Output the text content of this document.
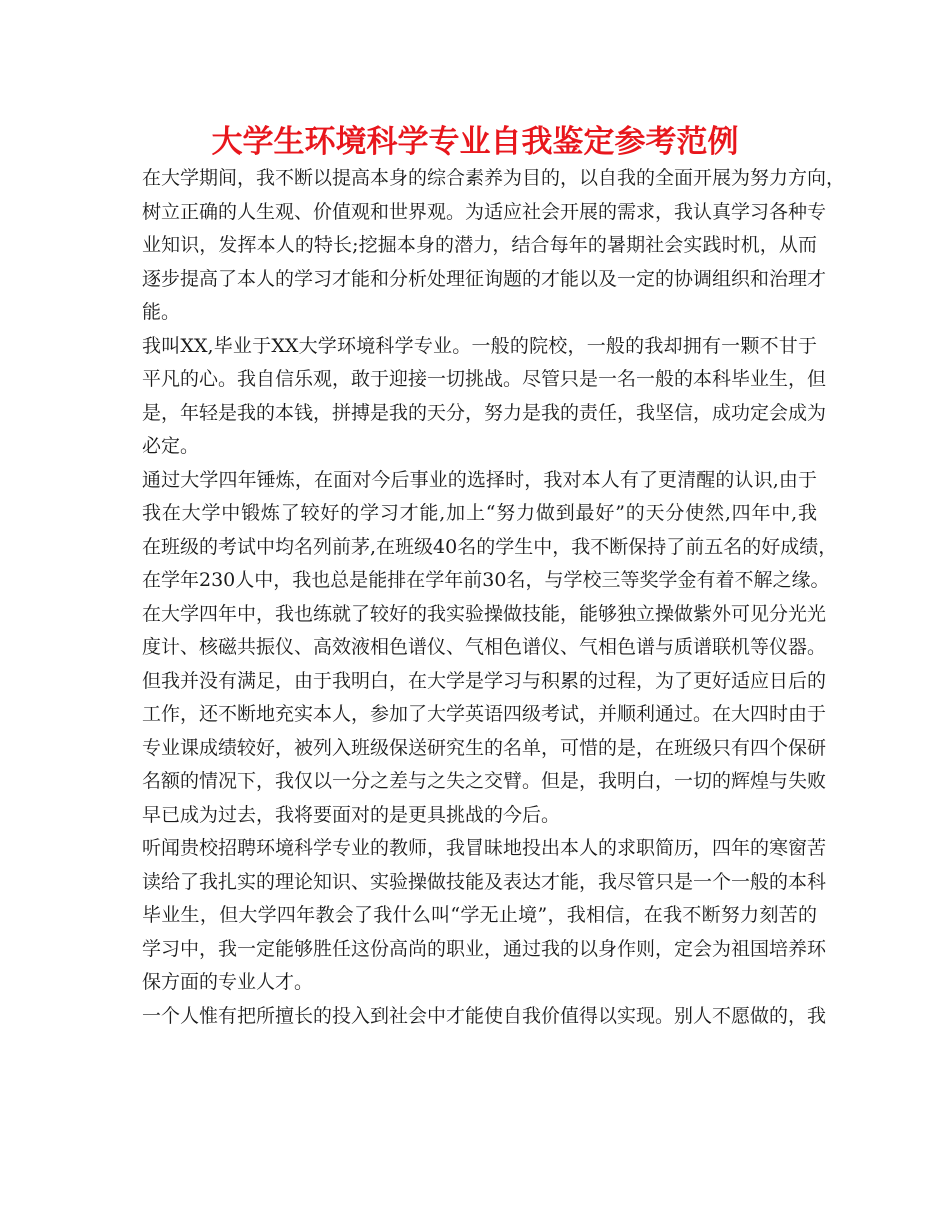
大学生环境科学专业自我鉴定参考范例
在大学期间，我不断以提高本身的综合素养为目的，以自我的全面开展为努力方向，
树立正确的人生观、价值观和世界观。为适应社会开展的需求，我认真学习各种专
业知识，发挥本人的特长;挖掘本身的潜力，结合每年的暑期社会实践时机，从而
逐步提高了本人的学习才能和分析处理征询题的才能以及一定的协调组织和治理才
能。
我叫XX,毕业于XX大学环境科学专业。一般的院校，一般的我却拥有一颗不甘于
平凡的心。我自信乐观，敢于迎接一切挑战。尽管只是一名一般的本科毕业生，但
是，年轻是我的本钱，拼搏是我的天分，努力是我的责任，我坚信，成功定会成为
必定。
通过大学四年锤炼，在面对今后事业的选择时，我对本人有了更清醒的认识,由于
我在大学中锻炼了较好的学习才能,加上“努力做到最好”的天分使然,四年中,我
在班级的考试中均名列前茅,在班级40名的学生中，我不断保持了前五名的好成绩，
在学年230人中，我也总是能排在学年前30名，与学校三等奖学金有着不解之缘。
在大学四年中，我也练就了较好的我实验操做技能，能够独立操做紫外可见分光光
度计、核磁共振仪、高效液相色谱仪、气相色谱仪、气相色谱与质谱联机等仪器。
但我并没有满足，由于我明白，在大学是学习与积累的过程，为了更好适应日后的
工作，还不断地充实本人，参加了大学英语四级考试，并顺利通过。在大四时由于
专业课成绩较好，被列入班级保送研究生的名单，可惜的是，在班级只有四个保研
名额的情况下，我仅以一分之差与之失之交臂。但是，我明白，一切的辉煌与失败
早已成为过去，我将要面对的是更具挑战的今后。
听闻贵校招聘环境科学专业的教师，我冒昧地投出本人的求职简历，四年的寒窗苦
读给了我扎实的理论知识、实验操做技能及表达才能，我尽管只是一个一般的本科
毕业生，但大学四年教会了我什么叫“学无止境”，我相信，在我不断努力刻苦的
学习中，我一定能够胜任这份高尚的职业，通过我的以身作则，定会为祖国培养环
保方面的专业人才。
一个人惟有把所擅长的投入到社会中才能使自我价值得以实现。别人不愿做的，我
